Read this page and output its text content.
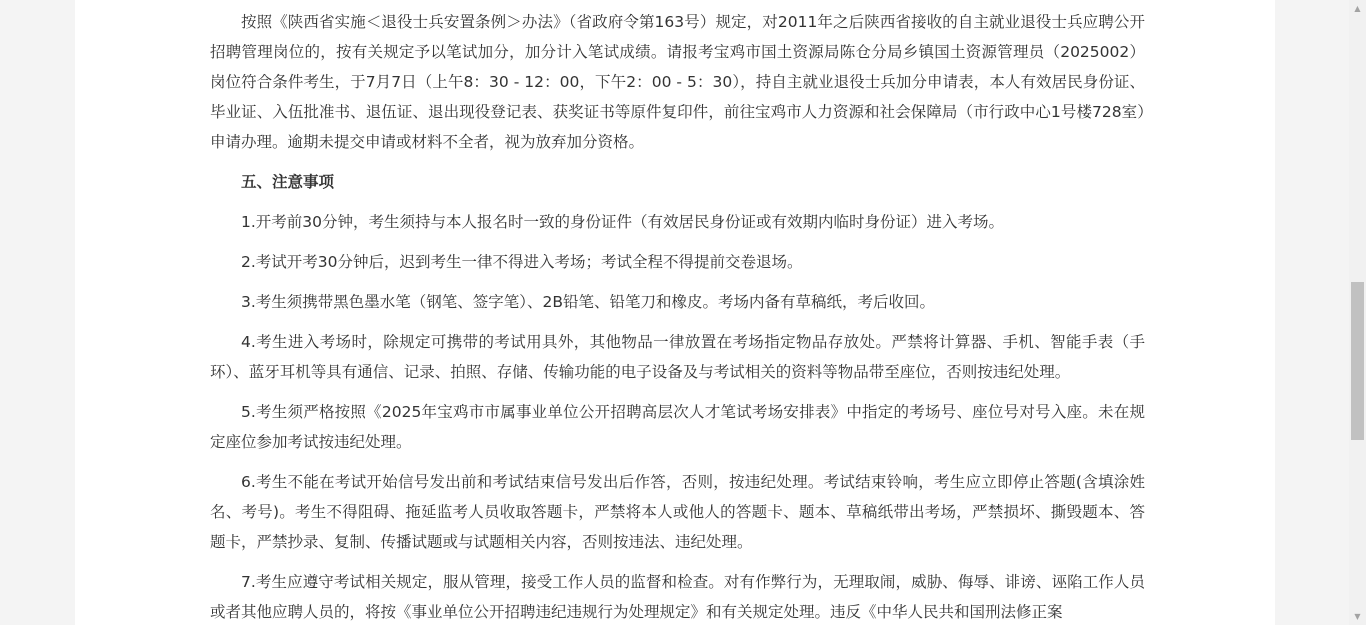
按照《陕西省实施＜退役士兵安置条例＞办法》（省政府令第163号）规定，对2011年之后陕西省接收的自主就业退役士兵应聘公开招聘管理岗位的，按有关规定予以笔试加分，加分计入笔试成绩。请报考宝鸡市国土资源局陈仓分局乡镇国土资源管理员（2025002）岗位符合条件考生，于7月7日（上午8：30 - 12：00，下午2：00 - 5：30），持自主就业退役士兵加分申请表，本人有效居民身份证、毕业证、入伍批准书、退伍证、退出现役登记表、获奖证书等原件复印件，前往宝鸡市人力资源和社会保障局（市行政中心1号楼728室）申请办理。逾期未提交申请或材料不全者，视为放弃加分资格。

五、注意事项

1.开考前30分钟，考生须持与本人报名时一致的身份证件（有效居民身份证或有效期内临时身份证）进入考场。

2.考试开考30分钟后，迟到考生一律不得进入考场；考试全程不得提前交卷退场。

3.考生须携带黑色墨水笔（钢笔、签字笔）、2B铅笔、铅笔刀和橡皮。考场内备有草稿纸，考后收回。

4.考生进入考场时，除规定可携带的考试用具外，其他物品一律放置在考场指定物品存放处。严禁将计算器、手机、智能手表（手环）、蓝牙耳机等具有通信、记录、拍照、存储、传输功能的电子设备及与考试相关的资料等物品带至座位，否则按违纪处理。

5.考生须严格按照《2025年宝鸡市市属事业单位公开招聘高层次人才笔试考场安排表》中指定的考场号、座位号对号入座。未在规定座位参加考试按违纪处理。

6.考生不能在考试开始信号发出前和考试结束信号发出后作答，否则，按违纪处理。考试结束铃响，考生应立即停止答题(含填涂姓名、考号)。考生不得阻碍、拖延监考人员收取答题卡，严禁将本人或他人的答题卡、题本、草稿纸带出考场，严禁损坏、撕毁题本、答题卡，严禁抄录、复制、传播试题或与试题相关内容，否则按违法、违纪处理。

7.考生应遵守考试相关规定，服从管理，接受工作人员的监督和检查。对有作弊行为，无理取闹，威胁、侮辱、诽谤、诬陷工作人员或者其他应聘人员的，将按《事业单位公开招聘违纪违规行为处理规定》和有关规定处理。违反《中华人民共和国刑法修正案

▲
▼
